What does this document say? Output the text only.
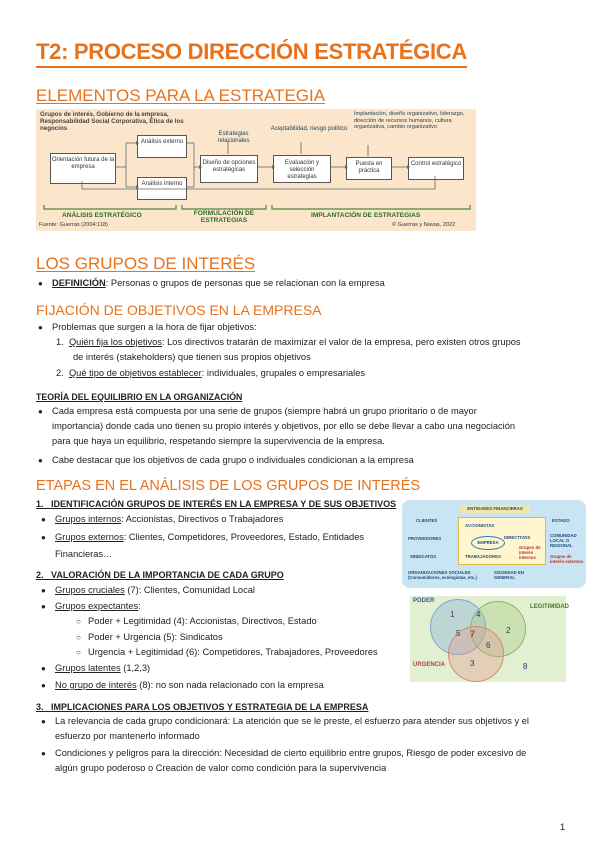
T2: PROCESO DIRECCIÓN ESTRATÉGICA
ELEMENTOS PARA LA ESTRATEGIA
Grupos de interés, Gobierno de la empresa, Responsabilidad Social Corporativa, Ética de los negocios
Estrategias relacionales
Aceptabilidad, riesgo político
Implantación, diseño organizativo, liderazgo, dirección de recursos humanos, cultura organizativa, cambio organizativo
Orientación futura de la empresa
Análisis externo
Análisis interno
Diseño de opciones estratégicas
Evaluación y selección estrategias
Puesta en práctica
Control estratégico
ANÁLISIS ESTRATÉGICO	FORMULACIÓN DE ESTRATEGIAS
IMPLANTACIÓN DE ESTRATEGIAS
Fuente: Guerras (2004:118)	© Guerras y Navas, 2022
LOS GRUPOS DE INTERÉS
● DEFINICIÓN: Personas o grupos de personas que se relacionan con la empresa
FIJACIÓN DE OBJETIVOS EN LA EMPRESA
● Problemas que surgen a la hora de fijar objetivos:
1. Quién fija los objetivos: Los directivos tratarán de maximizar el valor de la empresa, pero existen otros grupos
de interés (stakeholders) que tienen sus propios objetivos
2. Qué tipo de objetivos establecer: individuales, grupales o empresariales
TEORÍA DEL EQUILIBRIO EN LA ORGANIZACIÓN
● Cada empresa está compuesta por una serie de grupos (siempre habrá un grupo prioritario o de mayor
importancia) donde cada uno tienen su propio interés y objetivos, por ello se debe llevar a cabo una negociación
para que haya un equilibrio, respetando siempre la supervivencia de la empresa.
● Cabe destacar que los objetivos de cada grupo o individuales condicionan a la empresa
ETAPAS EN EL ANÁLISIS DE LOS GRUPOS DE INTERÉS
1. IDENTIFICACIÓN GRUPOS DE INTERÉS EN LA EMPRESA Y DE SUS OBJETIVOS
● Grupos internos: Accionistas, Directivos o Trabajadores
● Grupos externos: Clientes, Competidores, Proveedores, Estado, Entidades
Financieras…
2. VALORACIÓN DE LA IMPORTANCIA DE CADA GRUPO
● Grupos cruciales (7): Clientes, Comunidad Local
● Grupos expectantes:
○ Poder + Legitimidad (4): Accionistas, Directivos, Estado
○ Poder + Urgencia (5): Sindicatos
○ Urgencia + Legitimidad (6): Competidores, Trabajadores, Proveedores
● Grupos latentes (1,2,3)
● No grupo de interés (8): no son nada relacionado con la empresa
3. IMPLICACIONES PARA LOS OBJETIVOS Y ESTRATEGIA DE LA EMPRESA
● La relevancia de cada grupo condicionará: La atención que se le preste, el esfuerzo para atender sus objetivos y el
esfuerzo por mantenerlo informado
● Condiciones y peligros para la dirección: Necesidad de cierto equilibrio entre grupos, Riesgo de poder excesivo de
algún grupo poderoso o Creación de valor como condición para la supervivencia
ENTIDADES FINANCIERAS
CLIENTES	ESTADO
PROVEEDORES
ACCIONISTAS
DIRECTIVOS
EMPRESA
TRABAJADORES
Grupos de interés internos
SINDICATOS
COMUNIDAD LOCAL O REGIONAL
Grupos de interés externos
ORGANIZACIONES SOCIALES (Consumidores, ecologistas, etc.)
SOCIEDAD EN GENERAL
PODER
LEGITIMIDAD
URGENCIA
1	4
2
5 7
6
3	8
1
